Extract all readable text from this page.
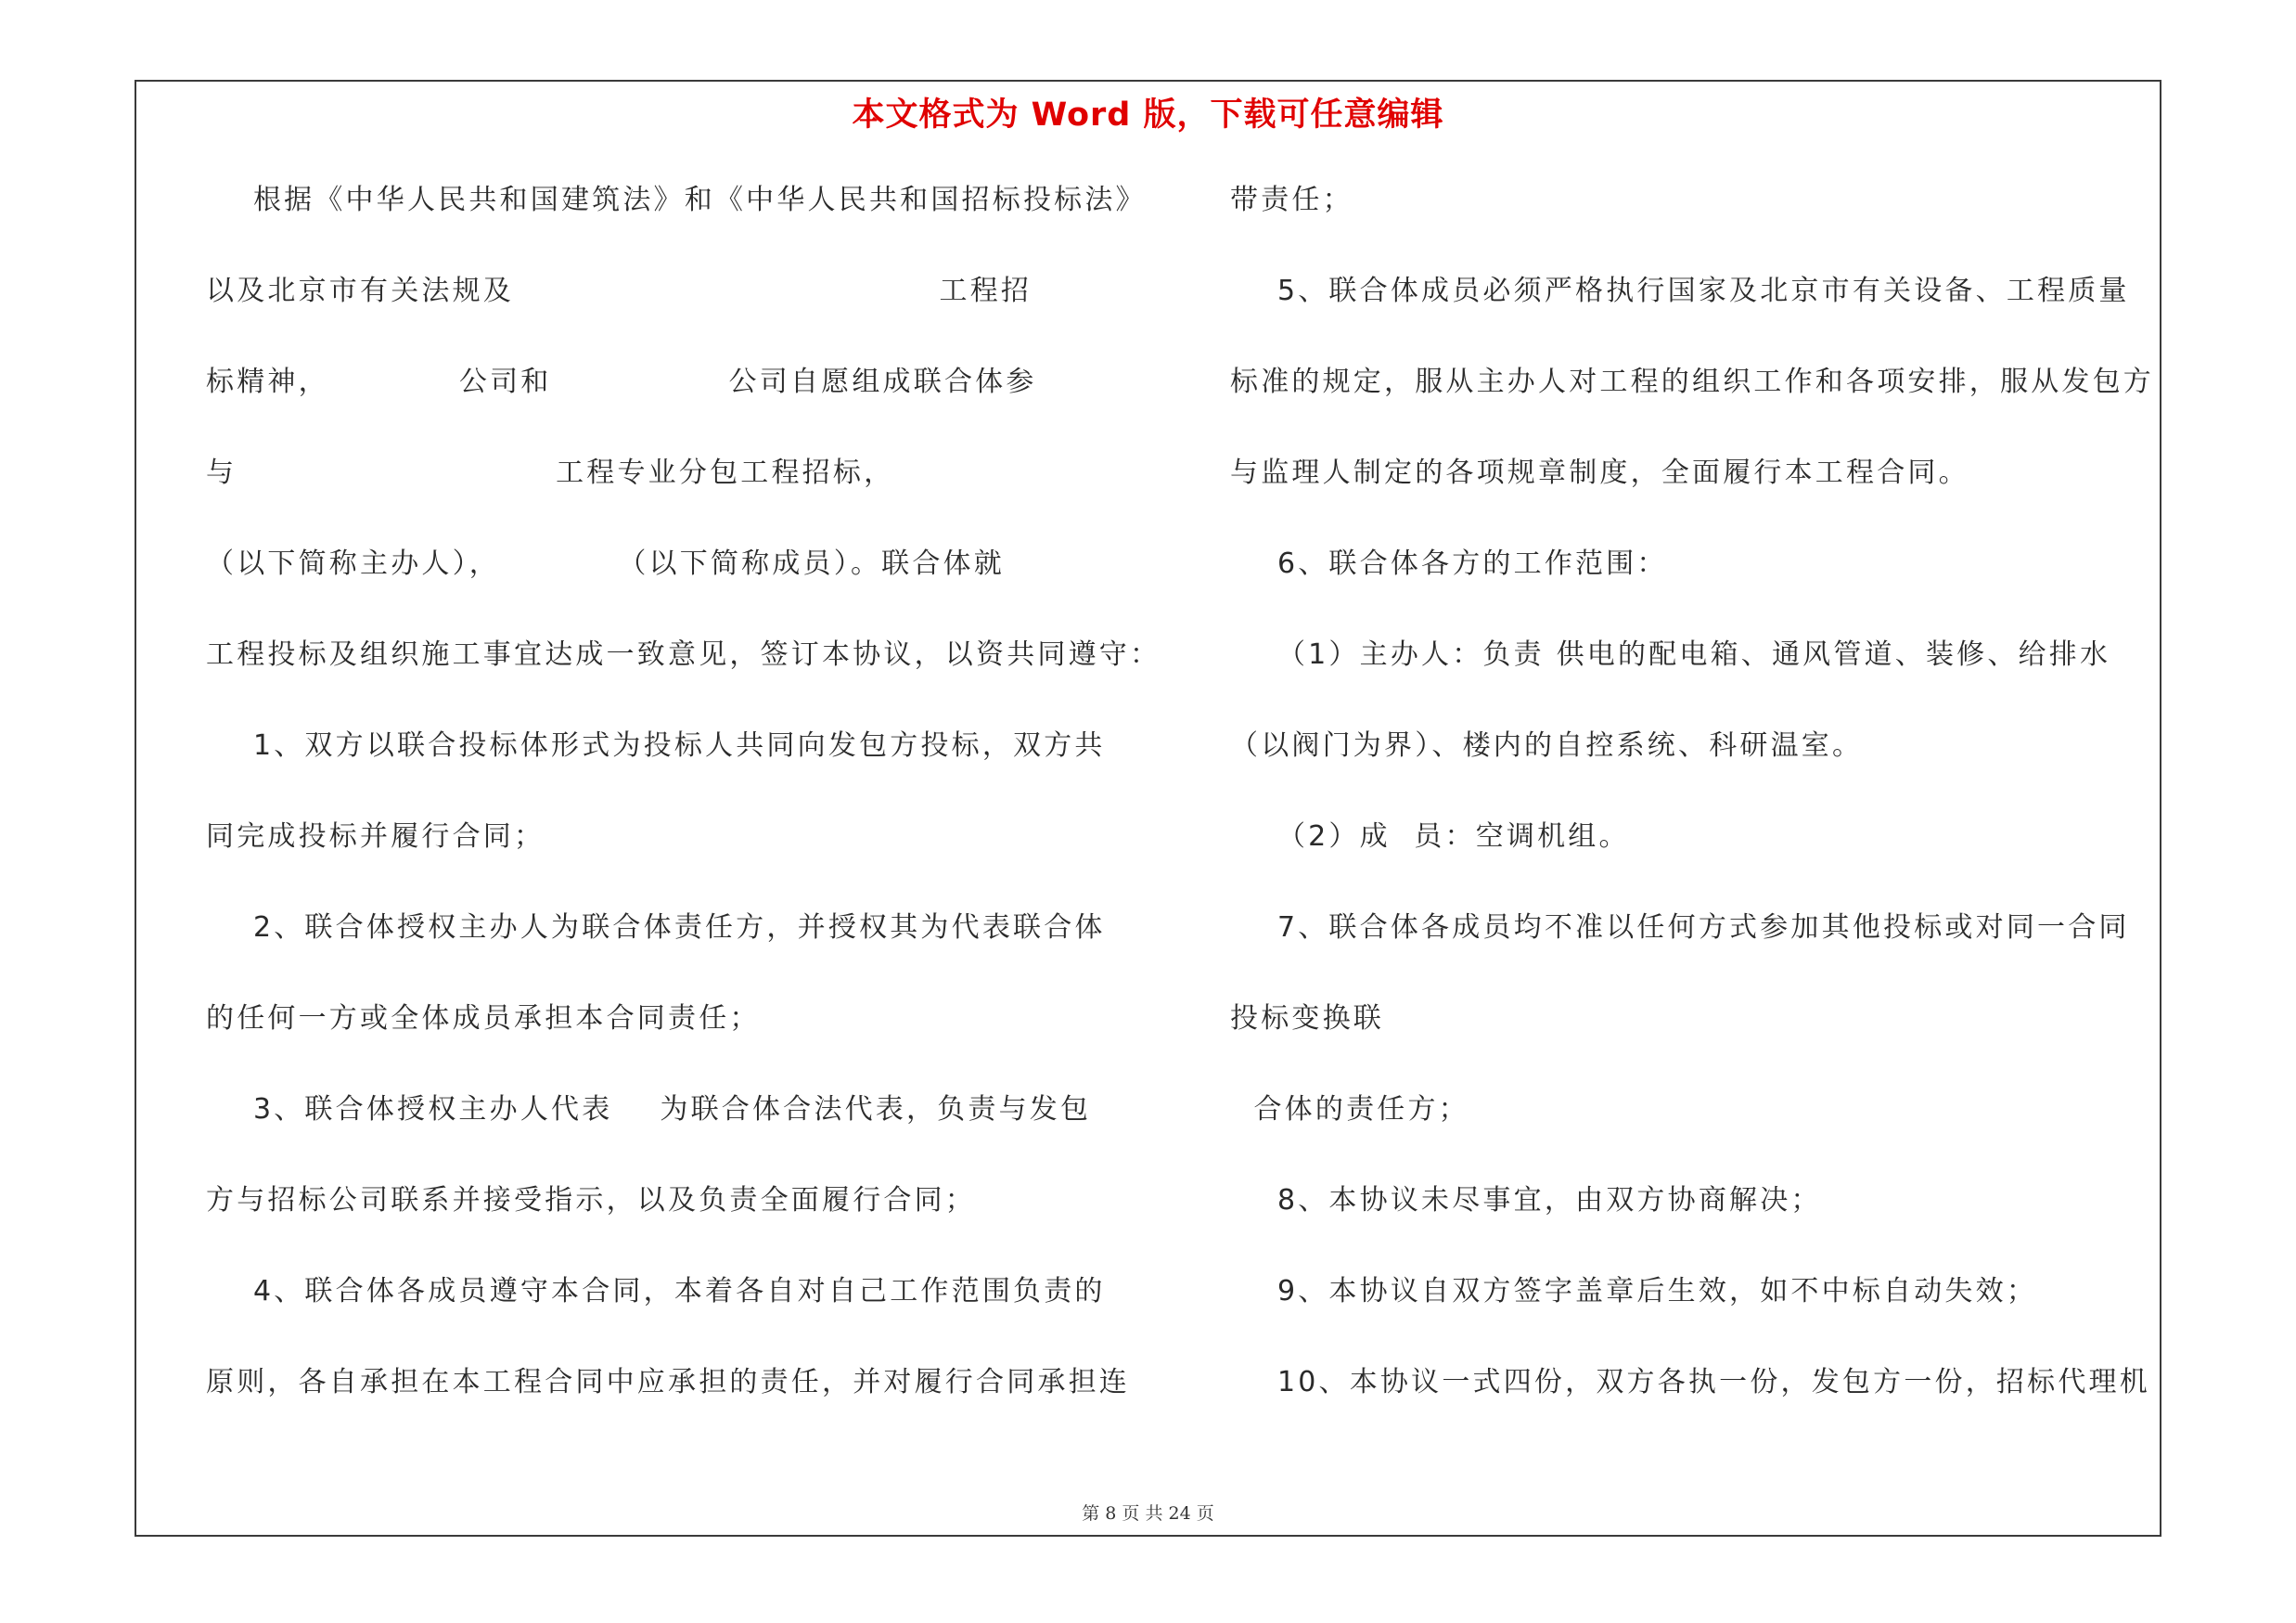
本文格式为 Word 版，下载可任意编辑
根据《中华人民共和国建筑法》和《中华人民共和国招标投标法》
以及北京市有关法规及                                    工程招
标精神，           公司和               公司自愿组成联合体参
与                           工程专业分包工程招标，
（以下简称主办人），          （以下简称成员）。联合体就
工程投标及组织施工事宜达成一致意见，签订本协议，以资共同遵守：
1、双方以联合投标体形式为投标人共同向发包方投标，双方共
同完成投标并履行合同；
2、联合体授权主办人为联合体责任方，并授权其为代表联合体
的任何一方或全体成员承担本合同责任；
3、联合体授权主办人代表    为联合体合法代表，负责与发包
方与招标公司联系并接受指示，以及负责全面履行合同；
4、联合体各成员遵守本合同，本着各自对自己工作范围负责的
原则，各自承担在本工程合同中应承担的责任，并对履行合同承担连
带责任；
5、联合体成员必须严格执行国家及北京市有关设备、工程质量
标准的规定，服从主办人对工程的组织工作和各项安排，服从发包方
与监理人制定的各项规章制度，全面履行本工程合同。
6、联合体各方的工作范围：
（1）主办人：负责 供电的配电箱、通风管道、装修、给排水
（以阀门为界）、楼内的自控系统、科研温室。
（2）成  员：空调机组。
7、联合体各成员均不准以任何方式参加其他投标或对同一合同
投标变换联
合体的责任方；
8、本协议未尽事宜，由双方协商解决；
9、本协议自双方签字盖章后生效，如不中标自动失效；
10、本协议一式四份，双方各执一份，发包方一份，招标代理机
第 8 页 共 24 页
